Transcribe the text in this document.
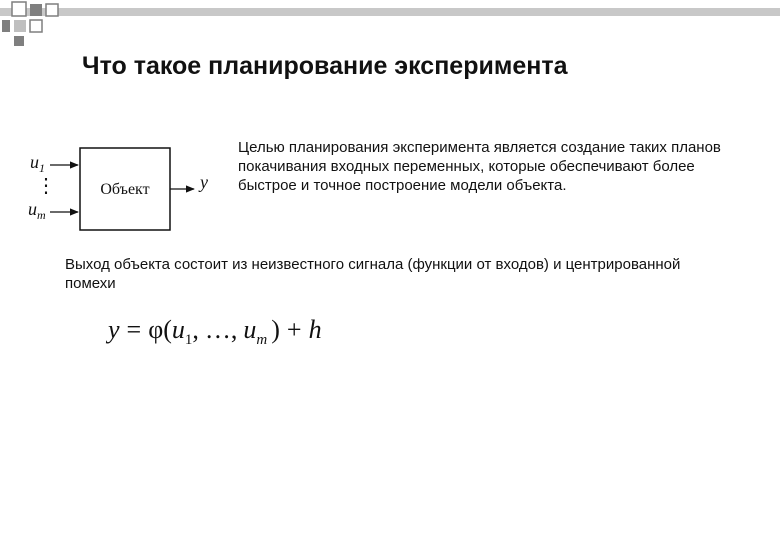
Что такое планирование эксперимента
$u_1$
⋮
$u_m$
Объект	y
Целью планирования эксперимента является создание таких планов покачивания входных переменных, которые обеспечивают более быстрое и точное построение модели объекта.
Выход объекта состоит из неизвестного сигнала (функции от входов) и центрированной помехи
$y = \varphi(u_1$, …, $u_m$ ) + h
